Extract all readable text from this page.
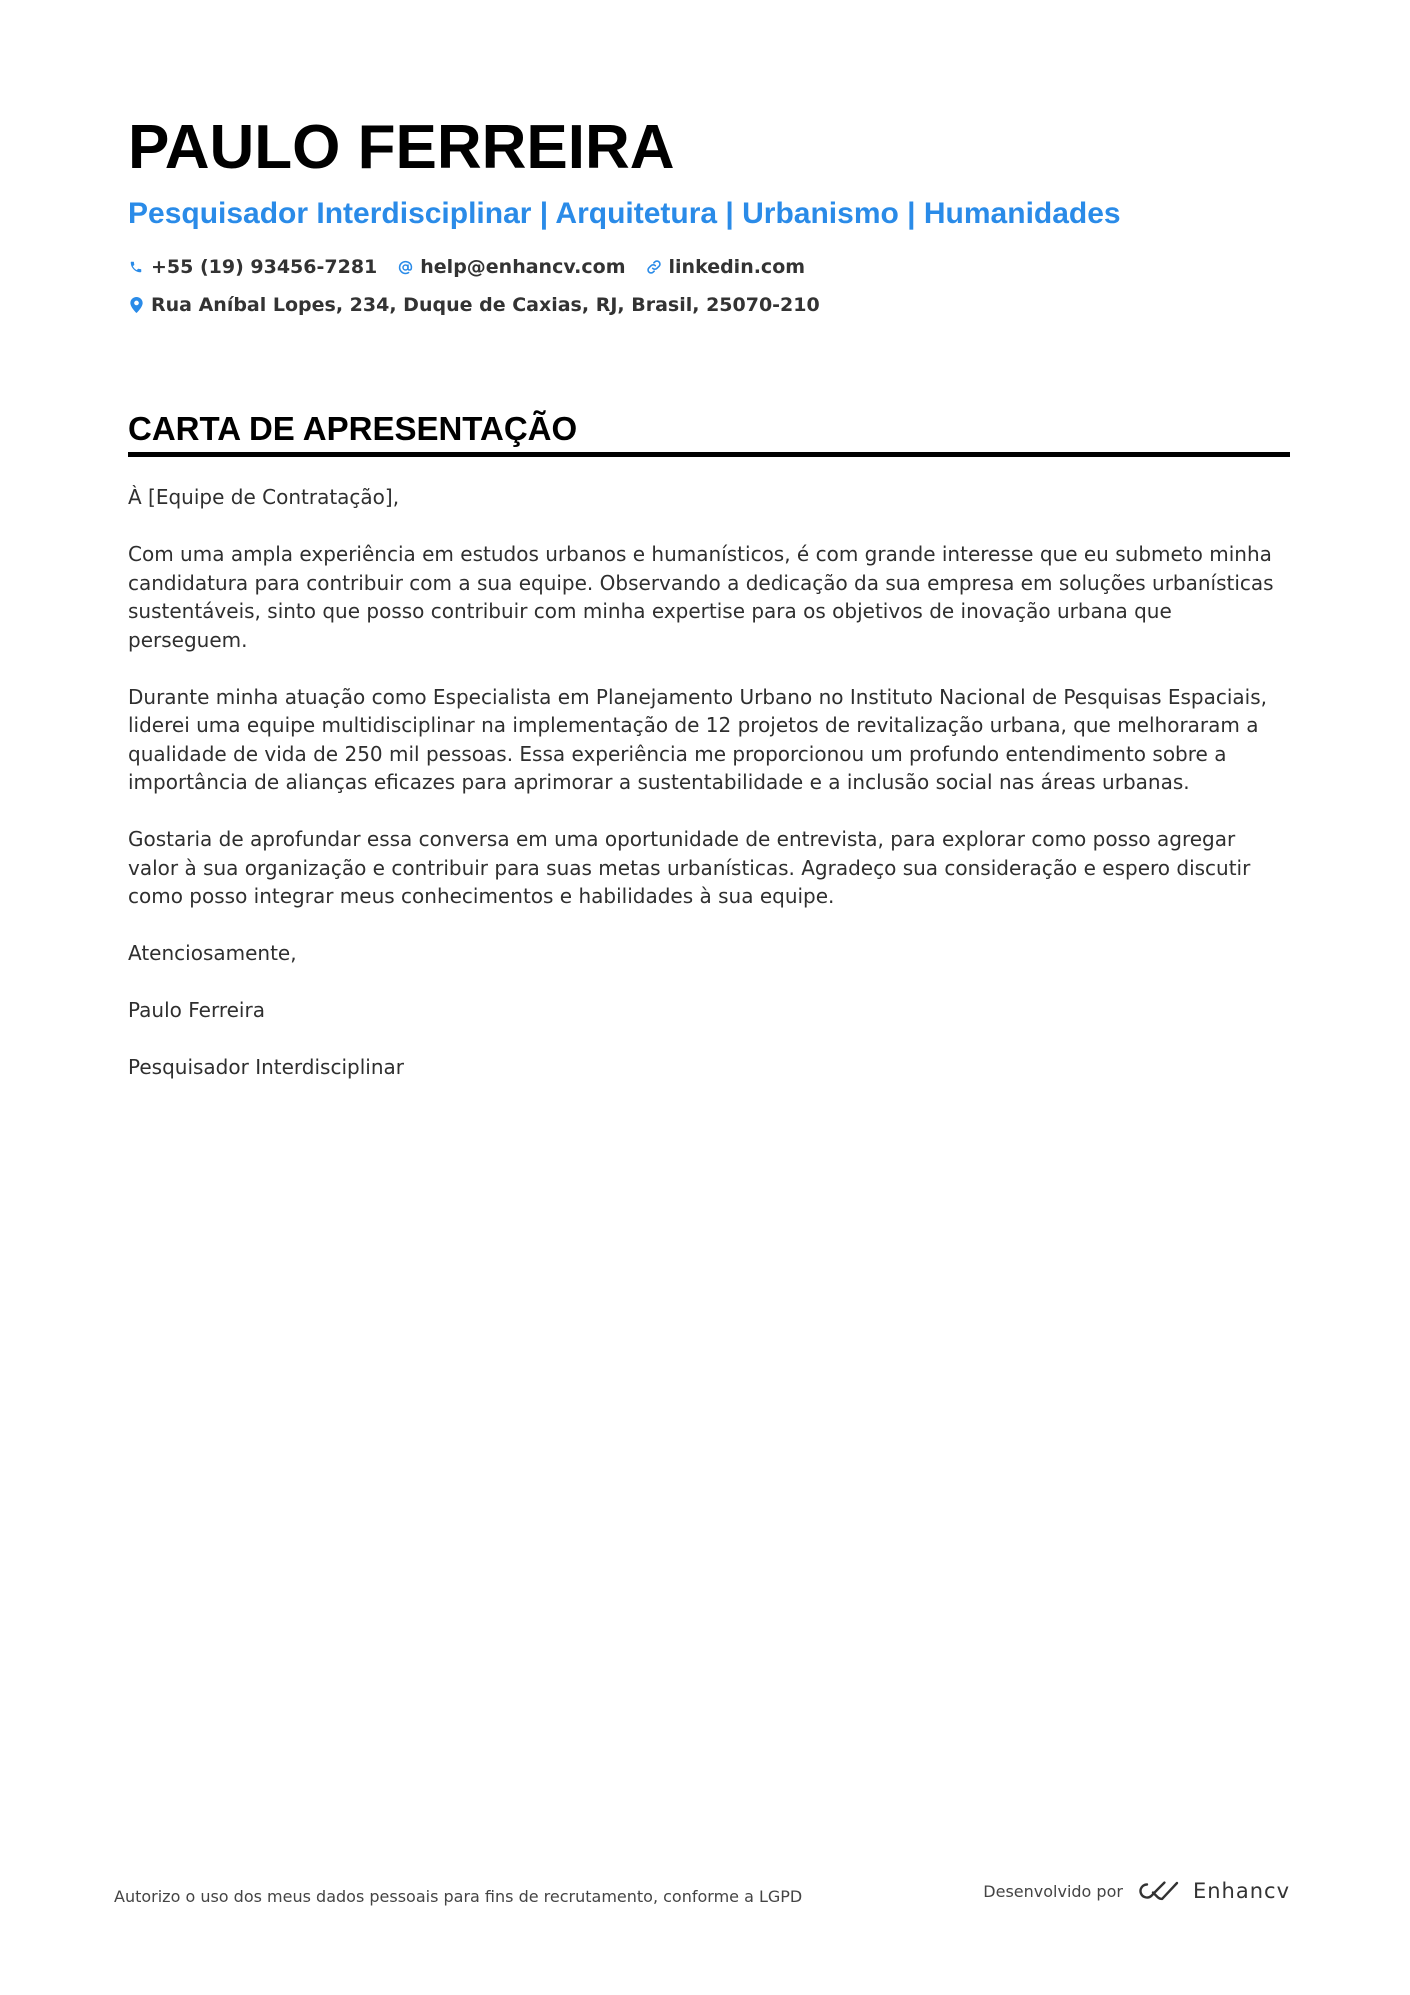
PAULO FERREIRA
Pesquisador Interdisciplinar | Arquitetura | Urbanismo | Humanidades
+55 (19) 93456-7281 help@enhancv.com linkedin.com
Rua Aníbal Lopes, 234, Duque de Caxias, RJ, Brasil, 25070-210
CARTA DE APRESENTAÇÃO

À [Equipe de Contratação],

Com uma ampla experiência em estudos urbanos e humanísticos, é com grande interesse que eu submeto minha candidatura para contribuir com a sua equipe. Observando a dedicação da sua empresa em soluções urbanísticas sustentáveis, sinto que posso contribuir com minha expertise para os objetivos de inovação urbana que perseguem.

Durante minha atuação como Especialista em Planejamento Urbano no Instituto Nacional de Pesquisas Espaciais, liderei uma equipe multidisciplinar na implementação de 12 projetos de revitalização urbana, que melhoraram a qualidade de vida de 250 mil pessoas. Essa experiência me proporcionou um profundo entendimento sobre a importância de alianças eficazes para aprimorar a sustentabilidade e a inclusão social nas áreas urbanas.

Gostaria de aprofundar essa conversa em uma oportunidade de entrevista, para explorar como posso agregar valor à sua organização e contribuir para suas metas urbanísticas. Agradeço sua consideração e espero discutir como posso integrar meus conhecimentos e habilidades à sua equipe.

Atenciosamente,

Paulo Ferreira

Pesquisador Interdisciplinar

Autorizo o uso dos meus dados pessoais para fins de recrutamento, conforme a LGPD	Desenvolvido por	Enhancv
